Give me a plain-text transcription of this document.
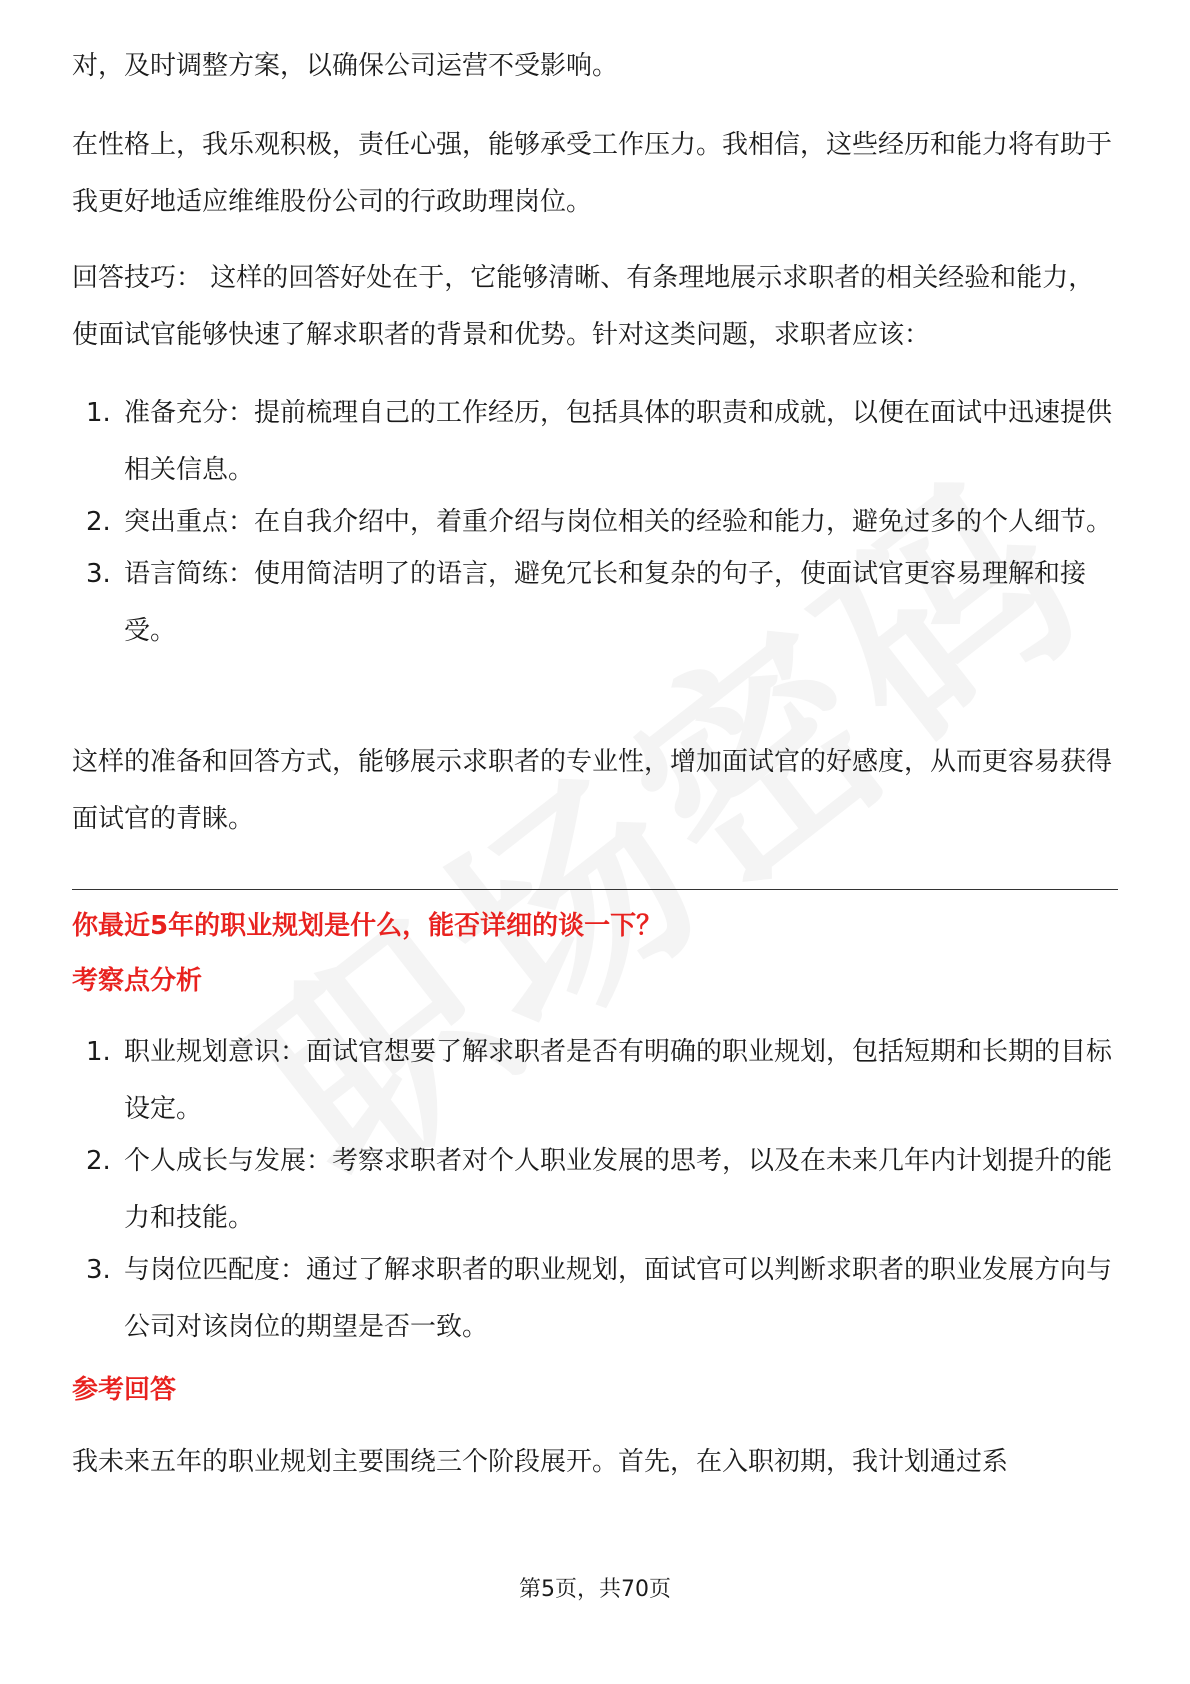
对，及时调整方案，以确保公司运营不受影响。

在性格上，我乐观积极，责任心强，能够承受工作压力。我相信，这些经历和能力将有助于我更好地适应维维股份公司的行政助理岗位。

回答技巧： 这样的回答好处在于，它能够清晰、有条理地展示求职者的相关经验和能力，使面试官能够快速了解求职者的背景和优势。针对这类问题，求职者应该：

1. 准备充分：提前梳理自己的工作经历，包括具体的职责和成就，以便在面试中迅速提供相关信息。
2. 突出重点：在自我介绍中，着重介绍与岗位相关的经验和能力，避免过多的个人细节。
3. 语言简练：使用简洁明了的语言，避免冗长和复杂的句子，使面试官更容易理解和接受。

这样的准备和回答方式，能够展示求职者的专业性，增加面试官的好感度，从而更容易获得面试官的青睐。

你最近5年的职业规划是什么，能否详细的谈一下？
考察点分析
1. 职业规划意识：面试官想要了解求职者是否有明确的职业规划，包括短期和长期的目标设定。
2. 个人成长与发展：考察求职者对个人职业发展的思考，以及在未来几年内计划提升的能力和技能。
3. 与岗位匹配度：通过了解求职者的职业规划，面试官可以判断求职者的职业发展方向与公司对该岗位的期望是否一致。
参考回答

我未来五年的职业规划主要围绕三个阶段展开。首先，在入职初期，我计划通过系

第5页，共70页
